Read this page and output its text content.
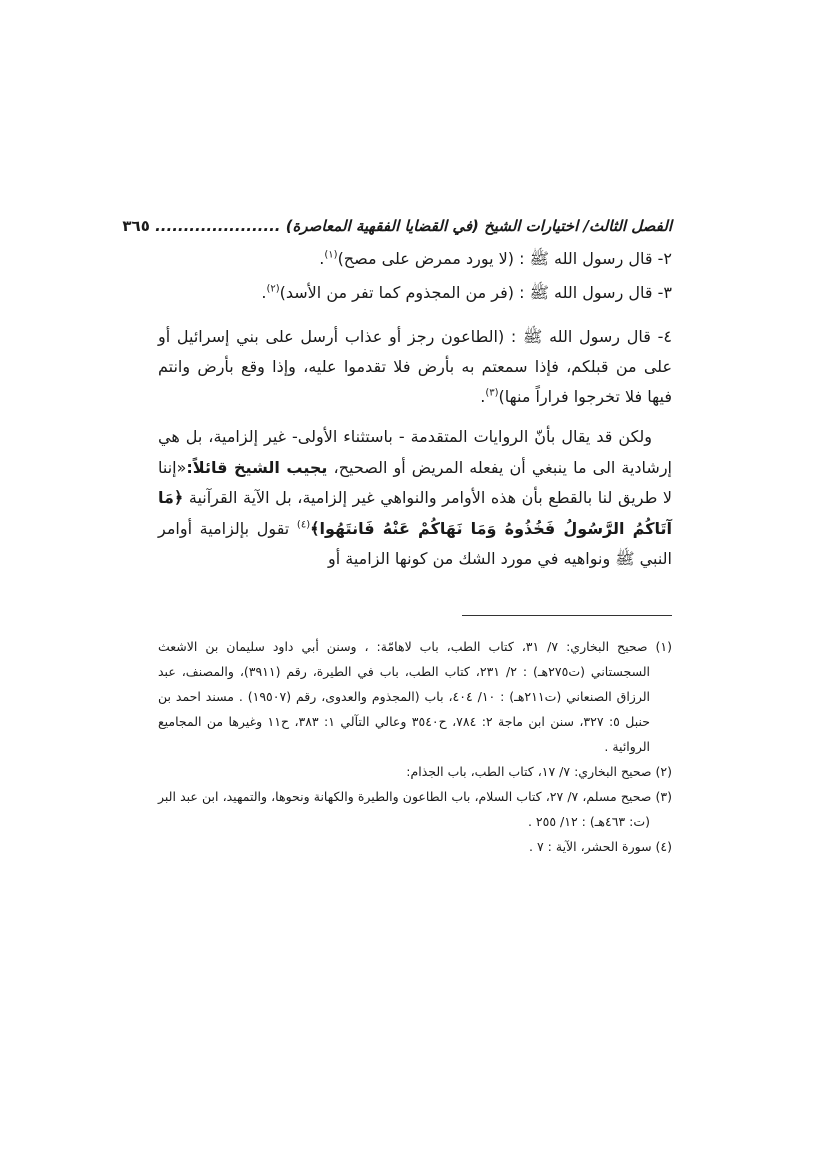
الفصل الثالث/ اختيارات الشيخ (في القضايا الفقهية المعاصرة) ...................... ٣٦٥

٢- قال رسول الله ﷺ : (لا يورد ممرض على مصح)$^{(١)}$.

٣- قال رسول الله ﷺ : (فر من المجذوم كما تفر من الأسد)$^{(٢)}$.

٤- قال رسول الله ﷺ : (الطاعون رجز أو عذاب أرسل على بني إسرائيل أو على من قبلكم، فإذا سمعتم به بأرض فلا تقدموا عليه، وإذا وقع بأرض وانتم فيها فلا تخرجوا فراراً منها)$^{(٣)}$.

ولكن قد يقال بأنّ الروايات المتقدمة - باستثناء الأولى- غير إلزامية، بل هي إرشادية الى ما ينبغي أن يفعله المريض أو الصحيح، يجيب الشيخ قائلاً:«إننا لا طريق لنا بالقطع بأن هذه الأوامر والنواهي غير إلزامية، بل الآية القرآنية ﴿مَا آتَاكُمُ الرَّسُولُ فَخُذُوهُ وَمَا نَهَاكُمْ عَنْهُ فَانتَهُوا﴾$^{(٤)}$ تقول بإلزامية أوامر النبي ﷺ ونواهيه في مورد الشك من كونها الزامية أو

(١) صحيح البخاري: ٧/ ٣١، كتاب الطب، باب لاهامّة: ، وسنن أبي داود سليمان بن الاشعث السجستاني (ت٢٧٥هـ) : ٢/ ٢٣١، كتاب الطب، باب في الطيرة، رقم (٣٩١١)، والمصنف، عبد الرزاق الصنعاني (ت٢١١هـ) : ١٠/ ٤٠٤، باب (المجذوم والعدوى، رقم (١٩٥٠٧) . مسند احمد بن حنبل ٥: ٣٢٧، سنن ابن ماجة ٢: ٧٨٤، ح٣٥٤٠ وعالي التآلي ١: ٣٨٣، ح١١ وغيرها من المجاميع الروائية .

(٢) صحيح البخاري: ٧/ ١٧، كتاب الطب، باب الجذام:

(٣) صحيح مسلم، ٧/ ٢٧، كتاب السلام، باب الطاعون والطيرة والكهانة ونحوها، والتمهيد، ابن عبد البر (ت: ٤٦٣هـ) : ١٢/ ٢٥٥ .

(٤) سورة الحشر، الآية : ٧ .
